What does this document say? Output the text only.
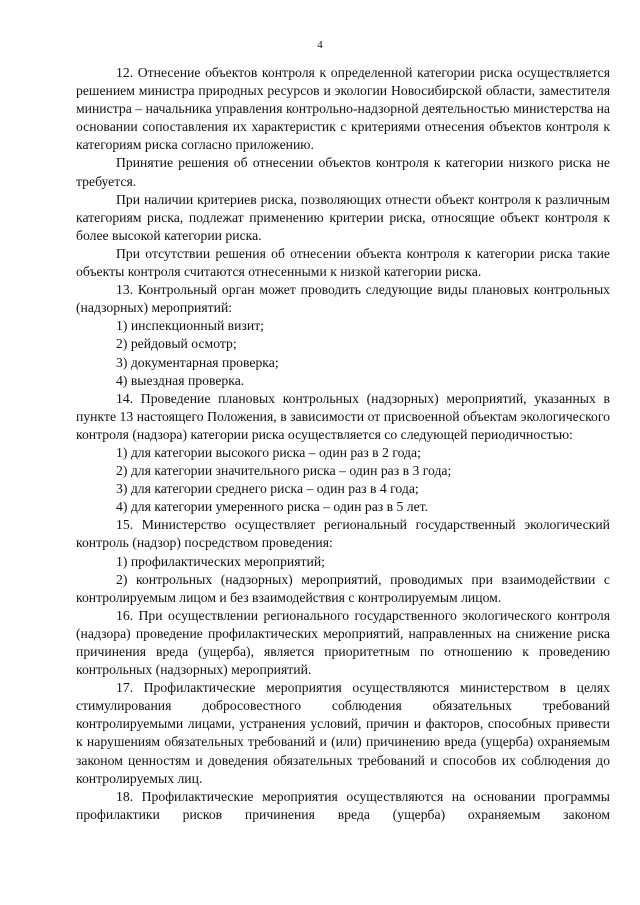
4

12. Отнесение объектов контроля к определенной категории риска осуществляется решением министра природных ресурсов и экологии Новосибирской области, заместителя министра – начальника управления контрольно-надзорной деятельностью министерства на основании сопоставления их характеристик с критериями отнесения объектов контроля к категориям риска согласно приложению.

Принятие решения об отнесении объектов контроля к категории низкого риска не требуется.

При наличии критериев риска, позволяющих отнести объект контроля к различным категориям риска, подлежат применению критерии риска, относящие объект контроля к более высокой категории риска.

При отсутствии решения об отнесении объекта контроля к категории риска такие объекты контроля считаются отнесенными к низкой категории риска.

13. Контрольный орган может проводить следующие виды плановых контрольных (надзорных) мероприятий:

1) инспекционный визит;

2) рейдовый осмотр;

3) документарная проверка;

4) выездная проверка.

14. Проведение плановых контрольных (надзорных) мероприятий, указанных в пункте 13 настоящего Положения, в зависимости от присвоенной объектам экологического контроля (надзора) категории риска осуществляется со следующей периодичностью:

1) для категории высокого риска – один раз в 2 года;

2) для категории значительного риска – один раз в 3 года;

3) для категории среднего риска – один раз в 4 года;

4) для категории умеренного риска – один раз в 5 лет.

15. Министерство осуществляет региональный государственный экологический контроль (надзор) посредством проведения:

1) профилактических мероприятий;

2) контрольных (надзорных) мероприятий, проводимых при взаимодействии с контролируемым лицом и без взаимодействия с контролируемым лицом.

16. При осуществлении регионального государственного экологического контроля (надзора) проведение профилактических мероприятий, направленных на снижение риска причинения вреда (ущерба), является приоритетным по отношению к проведению контрольных (надзорных) мероприятий.

17. Профилактические мероприятия осуществляются министерством в целях стимулирования добросовестного соблюдения обязательных требований контролируемыми лицами, устранения условий, причин и факторов, способных привести к нарушениям обязательных требований и (или) причинению вреда (ущерба) охраняемым законом ценностям и доведения обязательных требований и способов их соблюдения до контролируемых лиц.

18. Профилактические мероприятия осуществляются на основании программы профилактики рисков причинения вреда (ущерба) охраняемым законом
